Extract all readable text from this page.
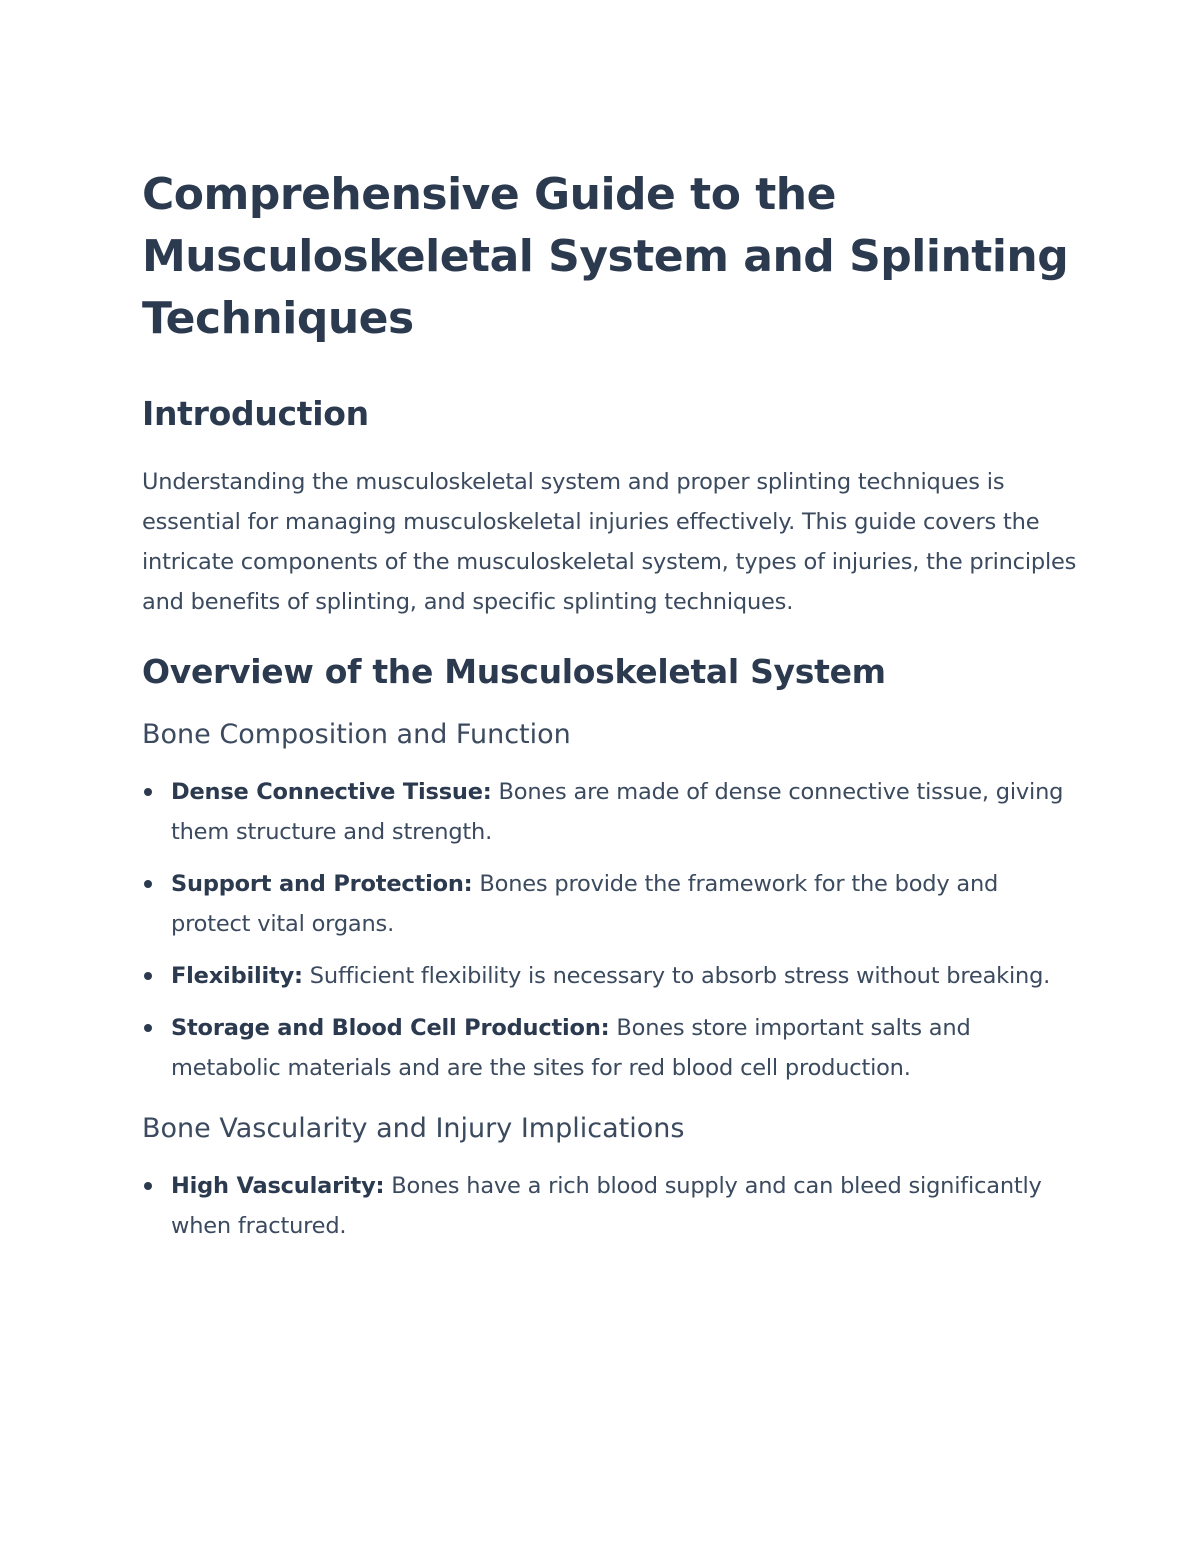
Comprehensive Guide to the Musculoskeletal System and Splinting Techniques
Introduction

Understanding the musculoskeletal system and proper splinting techniques is essential for managing musculoskeletal injuries effectively. This guide covers the intricate components of the musculoskeletal system, types of injuries, the principles and benefits of splinting, and specific splinting techniques.

Overview of the Musculoskeletal System
Bone Composition and Function
Dense Connective Tissue: Bones are made of dense connective tissue, giving them structure and strength.
Support and Protection: Bones provide the framework for the body and protect vital organs.
Flexibility: Sufficient flexibility is necessary to absorb stress without breaking.
Storage and Blood Cell Production: Bones store important salts and metabolic materials and are the sites for red blood cell production.
Bone Vascularity and Injury Implications
High Vascularity: Bones have a rich blood supply and can bleed significantly when fractured.
